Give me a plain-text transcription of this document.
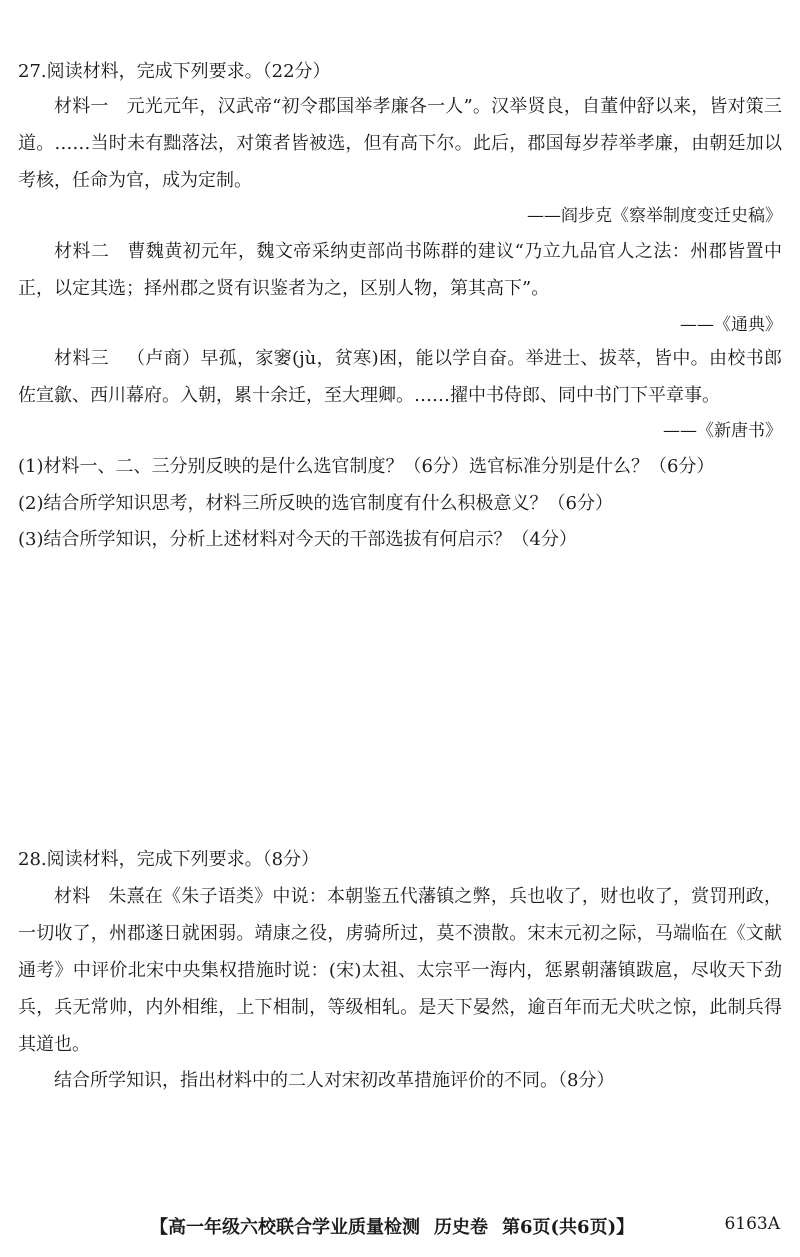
27.阅读材料，完成下列要求。（22分）

材料一 元光元年，汉武帝“初令郡国举孝廉各一人”。汉举贤良，自董仲舒以来，皆对策三道。……当时未有黜落法，对策者皆被选，但有高下尔。此后，郡国每岁荐举孝廉，由朝廷加以考核，任命为官，成为定制。

——阎步克《察举制度变迁史稿》

材料二 曹魏黄初元年，魏文帝采纳吏部尚书陈群的建议“乃立九品官人之法：州郡皆置中正，以定其选；择州郡之贤有识鉴者为之，区别人物，第其高下”。

——《通典》

材料三 （卢商）早孤，家窭(jù，贫寒)困，能以学自奋。举进士、拔萃，皆中。由校书郎佐宣歙、西川幕府。入朝，累十余迁，至大理卿。……擢中书侍郎、同中书门下平章事。

——《新唐书》
(1)材料一、二、三分别反映的是什么选官制度？（6分）选官标准分别是什么？（6分）
(2)结合所学知识思考，材料三所反映的选官制度有什么积极意义？（6分）
(3)结合所学知识，分析上述材料对今天的干部选拔有何启示？（4分）
28.阅读材料，完成下列要求。（8分）

材料 朱熹在《朱子语类》中说：本朝鉴五代藩镇之弊，兵也收了，财也收了，赏罚刑政，一切收了，州郡遂日就困弱。靖康之役，虏骑所过，莫不溃散。宋末元初之际，马端临在《文献通考》中评价北宋中央集权措施时说：(宋)太祖、太宗平一海内，惩累朝藩镇跋扈，尽收天下劲兵，兵无常帅，内外相维，上下相制，等级相轧。是天下晏然，逾百年而无犬吠之惊，此制兵得其道也。

结合所学知识，指出材料中的二人对宋初改革措施评价的不同。（8分）
【高一年级六校联合学业质量检测 历史卷 第6页(共6页)】	6163A
